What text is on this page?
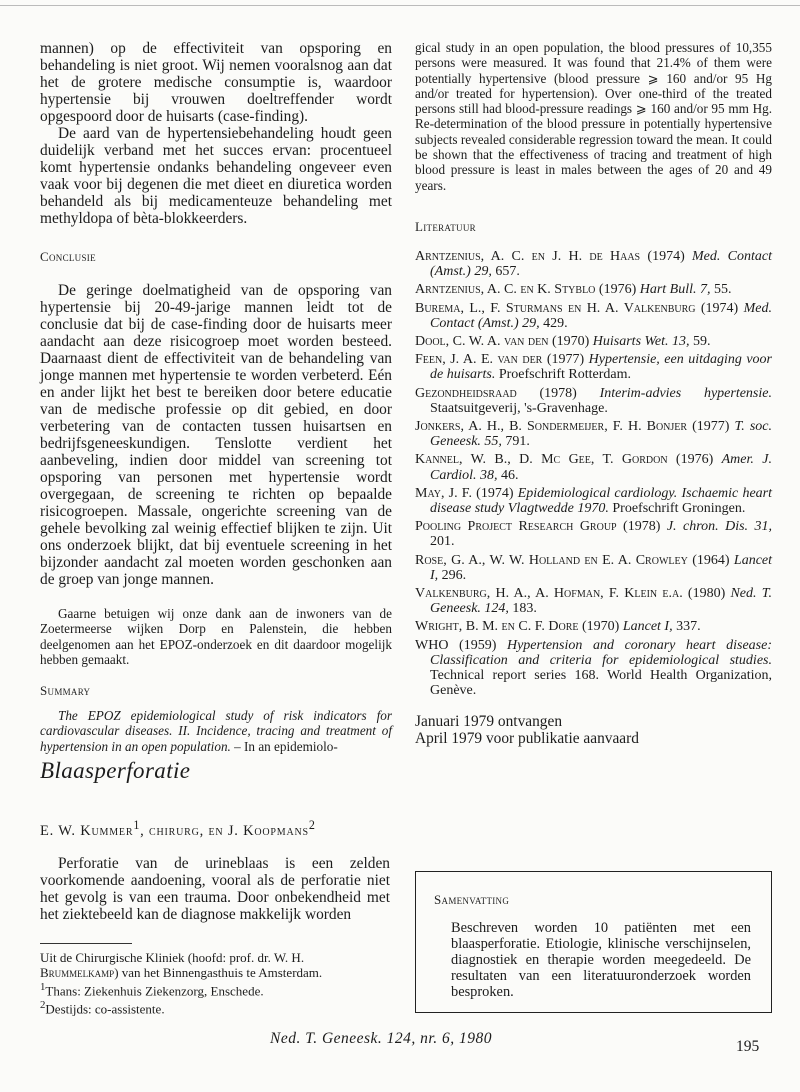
mannen) op de effectiviteit van opsporing en behandeling is niet groot. Wij nemen vooralsnog aan dat het de grotere medische consumptie is, waardoor hypertensie bij vrouwen doeltreffender wordt opgespoord door de huisarts (case-finding).

De aard van de hypertensiebehandeling houdt geen duidelijk verband met het succes ervan: procentueel komt hypertensie ondanks behandeling ongeveer even vaak voor bij degenen die met dieet en diuretica worden behandeld als bij medicamenteuze behandeling met methyldopa of bèta-blokkeerders.

Conclusie

De geringe doelmatigheid van de opsporing van hypertensie bij 20-49-jarige mannen leidt tot de conclusie dat bij de case-finding door de huisarts meer aandacht aan deze risicogroep moet worden besteed. Daarnaast dient de effectiviteit van de behandeling van jonge mannen met hypertensie te worden verbeterd. Eén en ander lijkt het best te bereiken door betere educatie van de medische professie op dit gebied, en door verbetering van de contacten tussen huisartsen en bedrijfsgeneeskundigen. Tenslotte verdient het aanbeveling, indien door middel van screening tot opsporing van personen met hypertensie wordt overgegaan, de screening te richten op bepaalde risicogroepen. Massale, ongerichte screening van de gehele bevolking zal weinig effectief blijken te zijn. Uit ons onderzoek blijkt, dat bij eventuele screening in het bijzonder aandacht zal moeten worden geschonken aan de groep van jonge mannen.

Gaarne betuigen wij onze dank aan de inwoners van de Zoetermeerse wijken Dorp en Palenstein, die hebben deelgenomen aan het EPOZ-onderzoek en dit daardoor mogelijk hebben gemaakt.

Summary

The EPOZ epidemiological study of risk indicators for cardiovascular diseases. II. Incidence, tracing and treatment of hypertension in an open population. – In an epidemiolo-

gical study in an open population, the blood pressures of 10,355 persons were measured. It was found that 21.4% of them were potentially hypertensive (blood pressure ⩾ 160 and/or 95 Hg and/or treated for hypertension). Over one-third of the treated persons still had blood-pressure readings ⩾ 160 and/or 95 mm Hg. Re-determination of the blood pressure in potentially hypertensive subjects revealed considerable regression toward the mean. It could be shown that the effectiveness of tracing and treatment of high blood pressure is least in males between the ages of 20 and 49 years.

Literatuur

Arntzenius, A. C. en J. H. de Haas (1974) Med. Contact (Amst.) 29, 657.

Arntzenius, A. C. en K. Styblo (1976) Hart Bull. 7, 55.

Burema, L., F. Sturmans en H. A. Valkenburg (1974) Med. Contact (Amst.) 29, 429.

Dool, C. W. A. van den (1970) Huisarts Wet. 13, 59.

Feen, J. A. E. van der (1977) Hypertensie, een uitdaging voor de huisarts. Proefschrift Rotterdam.

Gezondheidsraad (1978) Interim-advies hypertensie. Staatsuitgeverij, 's-Gravenhage.

Jonkers, A. H., B. Sondermeijer, F. H. Bonjer (1977) T. soc. Geneesk. 55, 791.

Kannel, W. B., D. Mc Gee, T. Gordon (1976) Amer. J. Cardiol. 38, 46.

May, J. F. (1974) Epidemiological cardiology. Ischaemic heart disease study Vlagtwedde 1970. Proefschrift Groningen.

Pooling Project Research Group (1978) J. chron. Dis. 31, 201.

Rose, G. A., W. W. Holland en E. A. Crowley (1964) Lancet I, 296.

Valkenburg, H. A., A. Hofman, F. Klein e.a. (1980) Ned. T. Geneesk. 124, 183.

Wright, B. M. en C. F. Dore (1970) Lancet I, 337.

WHO (1959) Hypertension and coronary heart disease: Classification and criteria for epidemiological studies. Technical report series 168. World Health Organization, Genève.

Januari 1979 ontvangen

April 1979 voor publikatie aanvaard

Blaasperforatie

E. W. Kummer$^1$, chirurg, en J. Koopmans$^2$

Perforatie van de urineblaas is een zelden voorkomende aandoening, vooral als de perforatie niet het gevolg is van een trauma. Door onbekendheid met het ziektebeeld kan de diagnose makkelijk worden

Uit de Chirurgische Kliniek (hoofd: prof. dr. W. H. Brummelkamp) van het Binnengasthuis te Amsterdam.

$^1$Thans: Ziekenhuis Ziekenzorg, Enschede.

$^2$Destijds: co-assistente.

Samenvatting

Beschreven worden 10 patiënten met een blaasperforatie. Etiologie, klinische verschijnselen, diagnostiek en therapie worden meegedeeld. De resultaten van een literatuuronderzoek worden besproken.

Ned. T. Geneesk. 124, nr. 6, 1980	195
